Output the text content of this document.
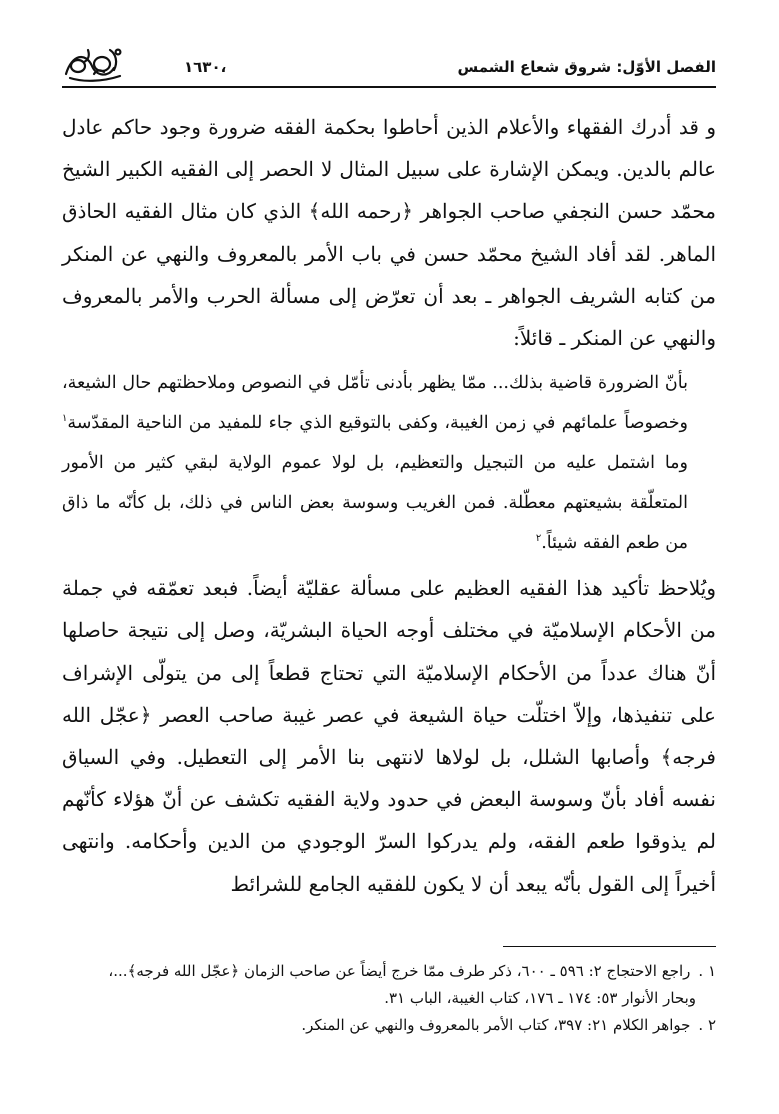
الفصل الأوّل: شروق شعاع الشمس
،١٦٣٠

و قد أدرك الفقهاء والأعلام الذين أحاطوا بحكمة الفقه ضرورة وجود حاكم عادل عالم بالدين. ويمكن الإشارة على سبيل المثال لا الحصر إلى الفقيه الكبير الشيخ محمّد حسن النجفي صاحب الجواهر ﴿رحمه الله﴾ الذي كان مثال الفقيه الحاذق الماهر. لقد أفاد الشيخ محمّد حسن في باب الأمر بالمعروف والنهي عن المنكر من كتابه الشريف الجواهر ـ بعد أن تعرّض إلى مسألة الحرب والأمر بالمعروف والنهي عن المنكر ـ قائلاً:

بأنّ الضرورة قاضية بذلك... ممّا يظهر بأدنى تأمّل في النصوص وملاحظتهم حال الشيعة، وخصوصاً علمائهم في زمن الغيبة، وكفى بالتوقيع الذي جاء للمفيد من الناحية المقدّسة$^١$ وما اشتمل عليه من التبجيل والتعظيم، بل لولا عموم الولاية لبقي كثير من الأمور المتعلّقة بشيعتهم معطّلة. فمن الغريب وسوسة بعض الناس في ذلك، بل كأنّه ما ذاق من طعم الفقه شيئاً.$^٢$

ويُلاحظ تأكيد هذا الفقيه العظيم على مسألة عقليّة أيضاً. فبعد تعمّقه في جملة من الأحكام الإسلاميّة في مختلف أوجه الحياة البشريّة، وصل إلى نتيجة حاصلها أنّ هناك عدداً من الأحكام الإسلاميّة التي تحتاج قطعاً إلى من يتولّى الإشراف على تنفيذها، وإلاّ اختلّت حياة الشيعة في عصر غيبة صاحب العصر ﴿عجّل الله فرجه﴾ وأصابها الشلل، بل لولاها لانتهى بنا الأمر إلى التعطيل. وفي السياق نفسه أفاد بأنّ وسوسة البعض في حدود ولاية الفقيه تكشف عن أنّ هؤلاء كأنّهم لم يذوقوا طعم الفقه، ولم يدركوا السرّ الوجودي من الدين وأحكامه. وانتهى أخيراً إلى القول بأنّه يبعد أن لا يكون للفقيه الجامع للشرائط

١ .راجع الاحتجاج ٢: ٥٩٦ ـ ٦٠٠، ذكر طرف ممّا خرج أيضاً عن صاحب الزمان ﴿عجّل الله فرجه﴾...،

وبحار الأنوار ٥٣: ١٧٤ ـ ١٧٦، كتاب الغيبة، الباب ٣١.

٢ .جواهر الكلام ٢١: ٣٩٧، كتاب الأمر بالمعروف والنهي عن المنكر.
